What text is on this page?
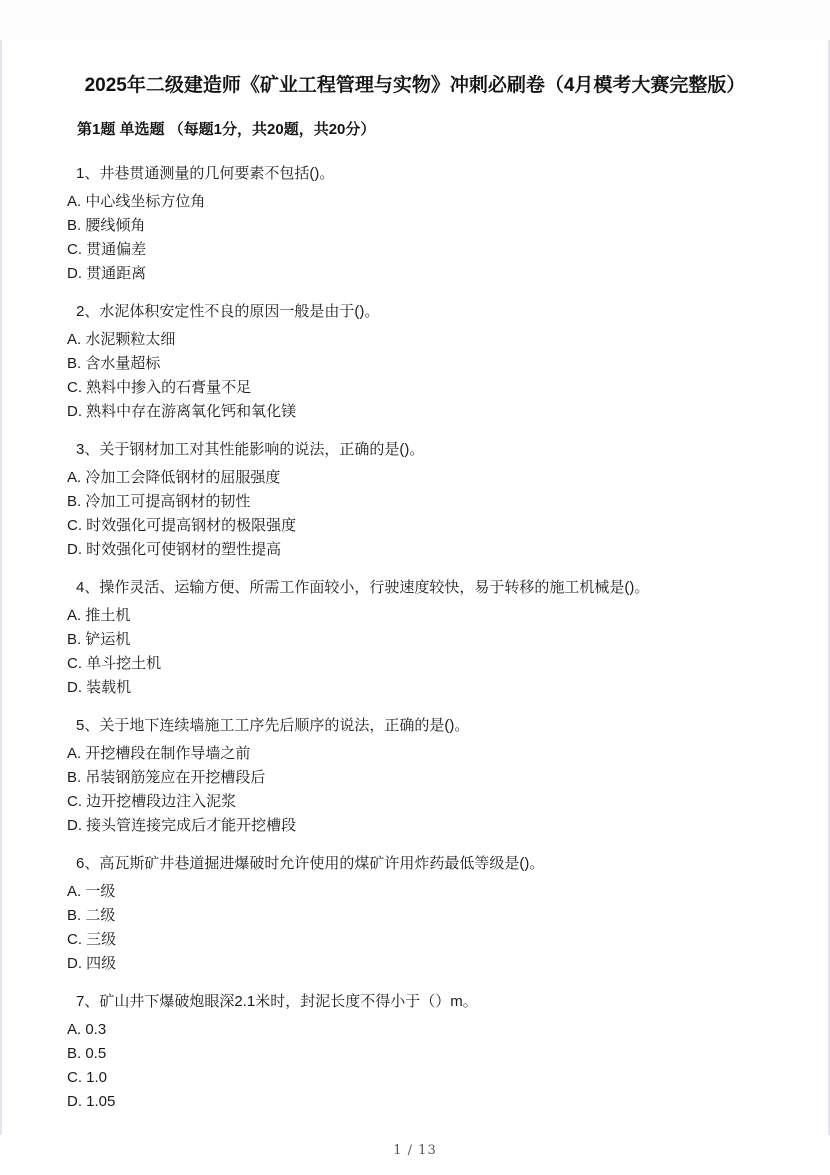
2025年二级建造师《矿业工程管理与实物》冲刺必刷卷（4月模考大赛完整版）
第1题 单选题 （每题1分，共20题，共20分）
1、井巷贯通测量的几何要素不包括()。
A. 中心线坐标方位角
B. 腰线倾角
C. 贯通偏差
D. 贯通距离
2、水泥体积安定性不良的原因一般是由于()。
A. 水泥颗粒太细
B. 含水量超标
C. 熟料中掺入的石膏量不足
D. 熟料中存在游离氧化钙和氧化镁
3、关于钢材加工对其性能影响的说法，正确的是()。
A. 冷加工会降低钢材的屈服强度
B. 冷加工可提高钢材的韧性
C. 时效强化可提高钢材的极限强度
D. 时效强化可使钢材的塑性提高
4、操作灵活、运输方便、所需工作面较小，行驶速度较快，易于转移的施工机械是()。
A. 推土机
B. 铲运机
C. 单斗挖土机
D. 装载机
5、关于地下连续墙施工工序先后顺序的说法，正确的是()。
A. 开挖槽段在制作导墙之前
B. 吊装钢筋笼应在开挖槽段后
C. 边开挖槽段边注入泥浆
D. 接头管连接完成后才能开挖槽段
6、高瓦斯矿井巷道掘进爆破时允许使用的煤矿许用炸药最低等级是()。
A. 一级
B. 二级
C. 三级
D. 四级
7、矿山井下爆破炮眼深2.1米时，封泥长度不得小于（）m。
A. 0.3
B. 0.5
C. 1.0
D. 1.05
1 / 13
